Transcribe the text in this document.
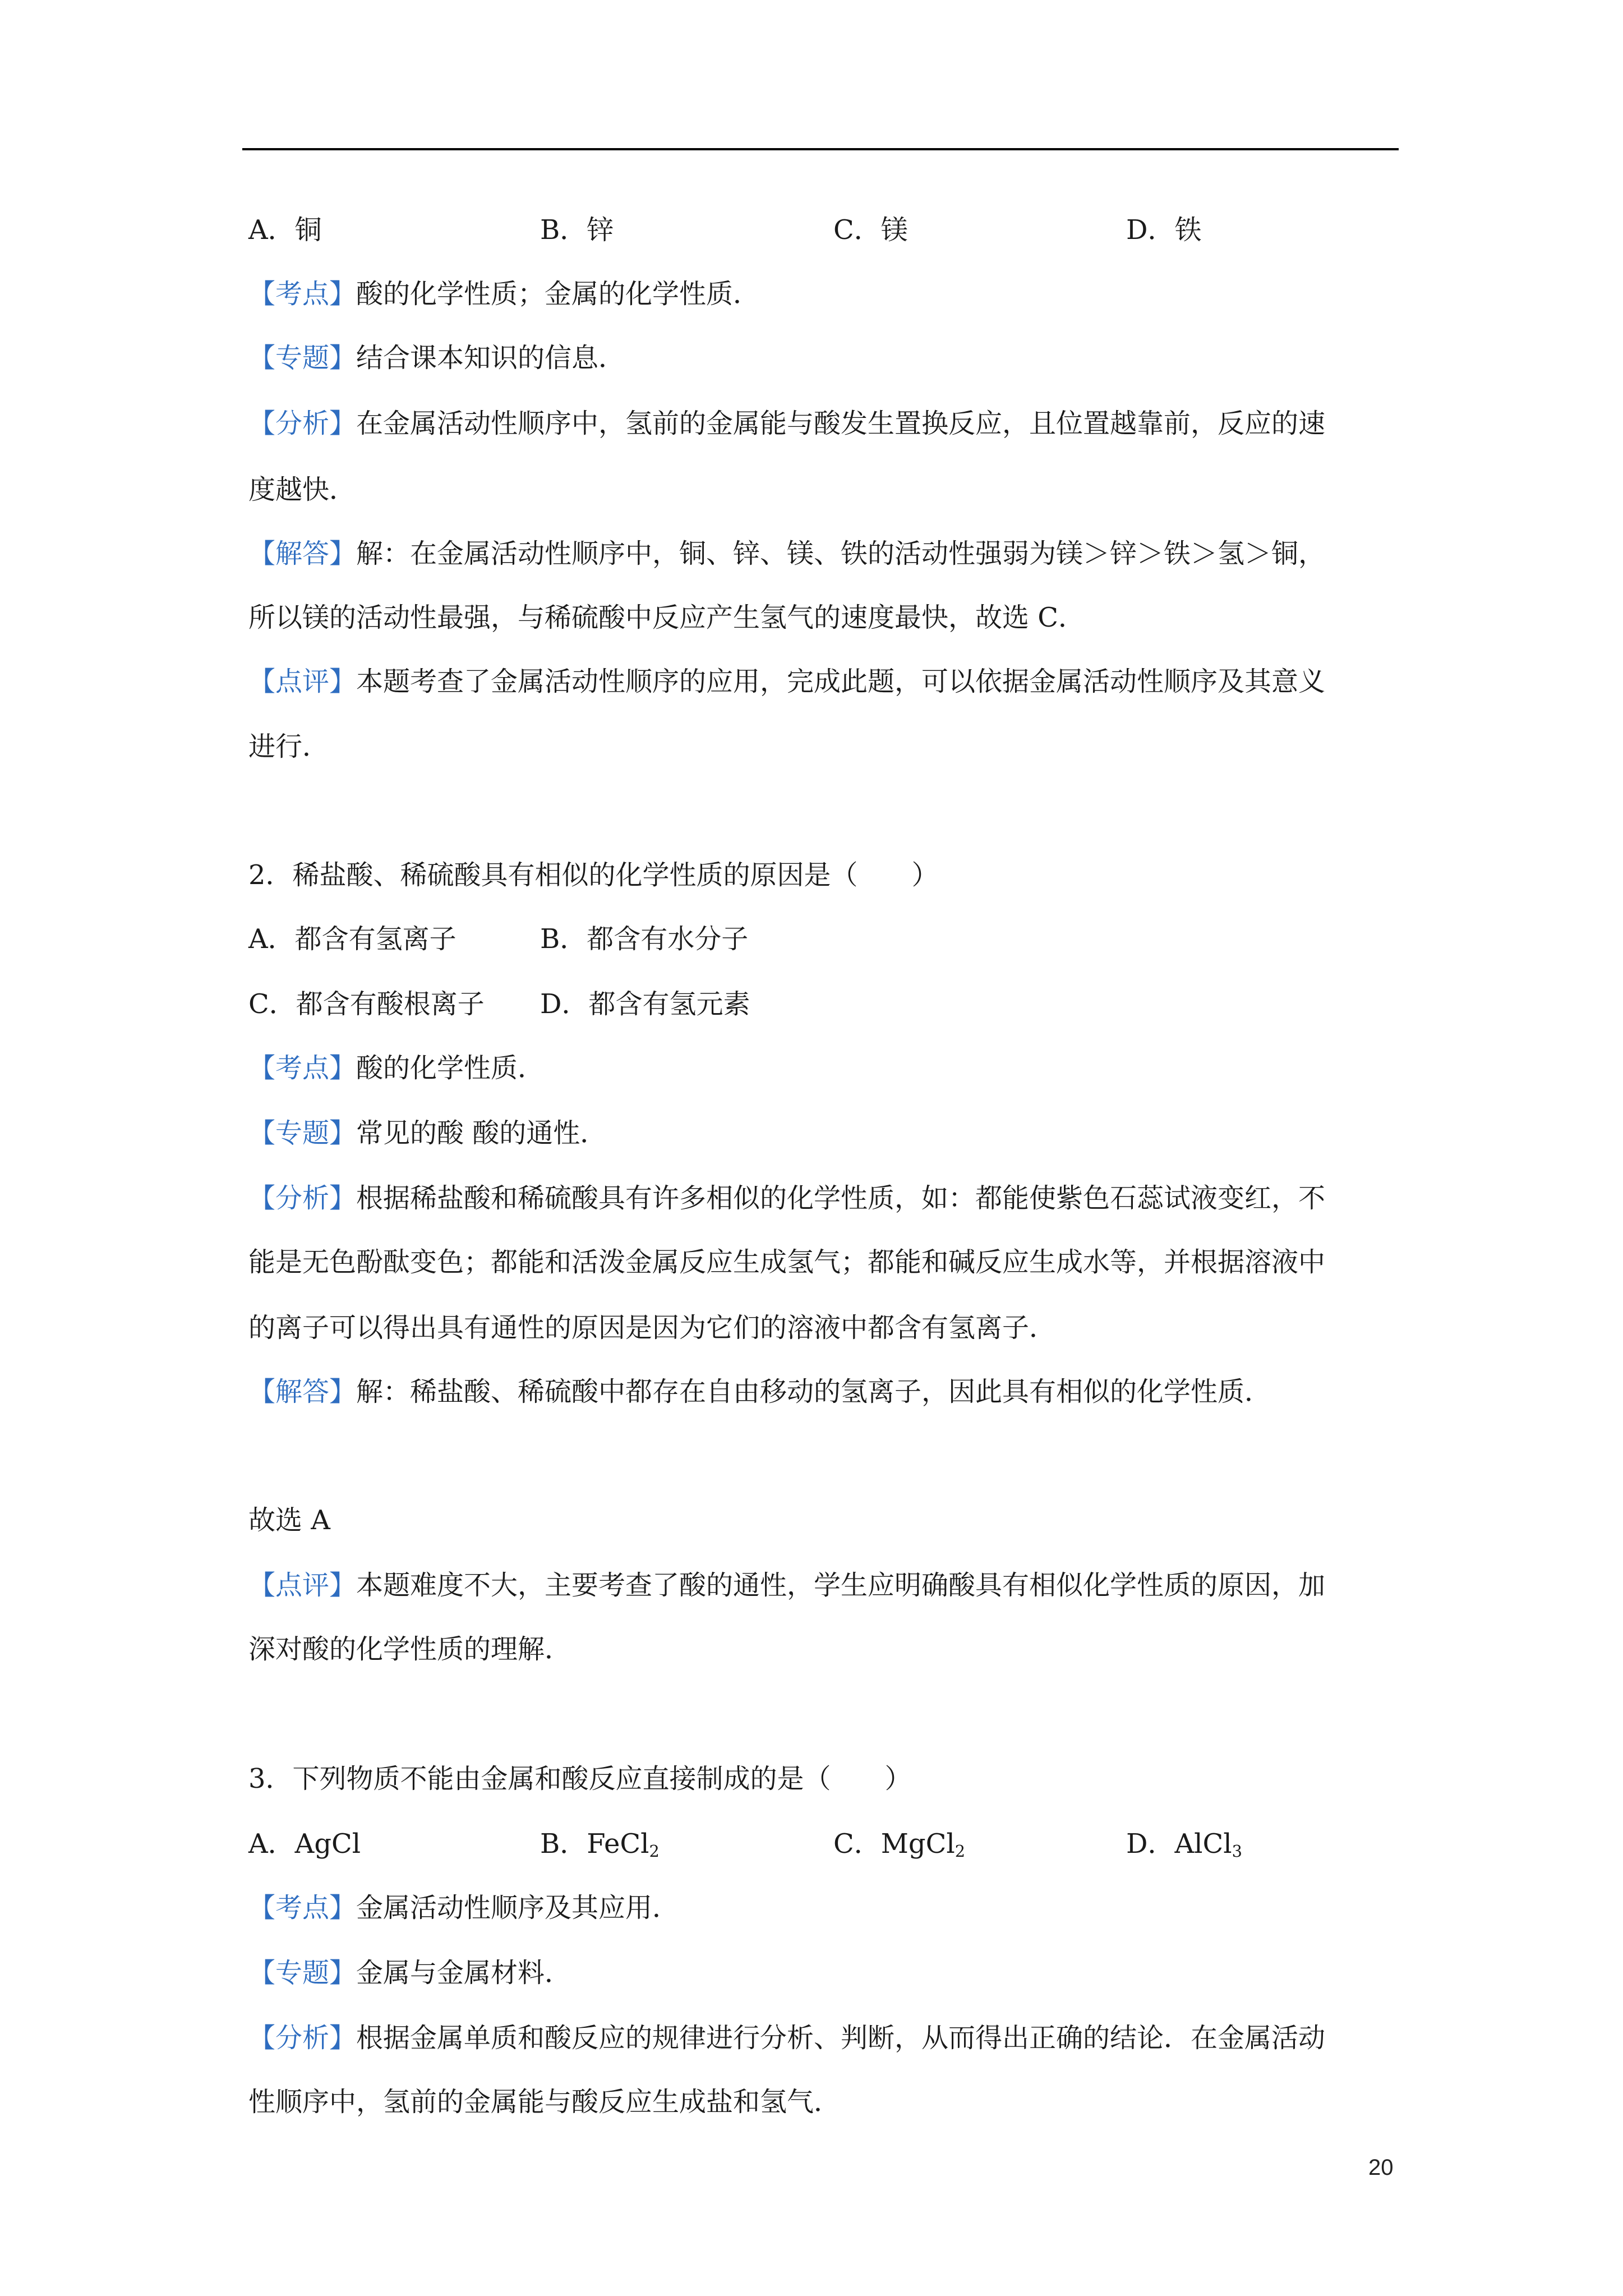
A．铜	B．锌	C．镁	D．铁
【考点】酸的化学性质；金属的化学性质．
【专题】结合课本知识的信息．
【分析】在金属活动性顺序中，氢前的金属能与酸发生置换反应，且位置越靠前，反应的速
度越快．
【解答】解：在金属活动性顺序中，铜、锌、镁、铁的活动性强弱为镁＞锌＞铁＞氢＞铜，
所以镁的活动性最强，与稀硫酸中反应产生氢气的速度最快，故选 C．
【点评】本题考查了金属活动性顺序的应用，完成此题，可以依据金属活动性顺序及其意义
进行．
2．稀盐酸、稀硫酸具有相似的化学性质的原因是（　　）
A．都含有氢离子	B．都含有水分子
C．都含有酸根离子 D．都含有氢元素
【考点】酸的化学性质．
【专题】常见的酸 酸的通性．
【分析】根据稀盐酸和稀硫酸具有许多相似的化学性质，如：都能使紫色石蕊试液变红，不
能是无色酚酞变色；都能和活泼金属反应生成氢气；都能和碱反应生成水等，并根据溶液中
的离子可以得出具有通性的原因是因为它们的溶液中都含有氢离子．
【解答】解：稀盐酸、稀硫酸中都存在自由移动的氢离子，因此具有相似的化学性质．
故选 A
【点评】本题难度不大，主要考查了酸的通性，学生应明确酸具有相似化学性质的原因，加
深对酸的化学性质的理解．
3．下列物质不能由金属和酸反应直接制成的是（　　）
A．AgCl	B．FeCl$_2$	C．MgCl$_2$	D．AlCl$_3$
【考点】金属活动性顺序及其应用．
【专题】金属与金属材料．
【分析】根据金属单质和酸反应的规律进行分析、判断，从而得出正确的结论．在金属活动
性顺序中，氢前的金属能与酸反应生成盐和氢气．
20
